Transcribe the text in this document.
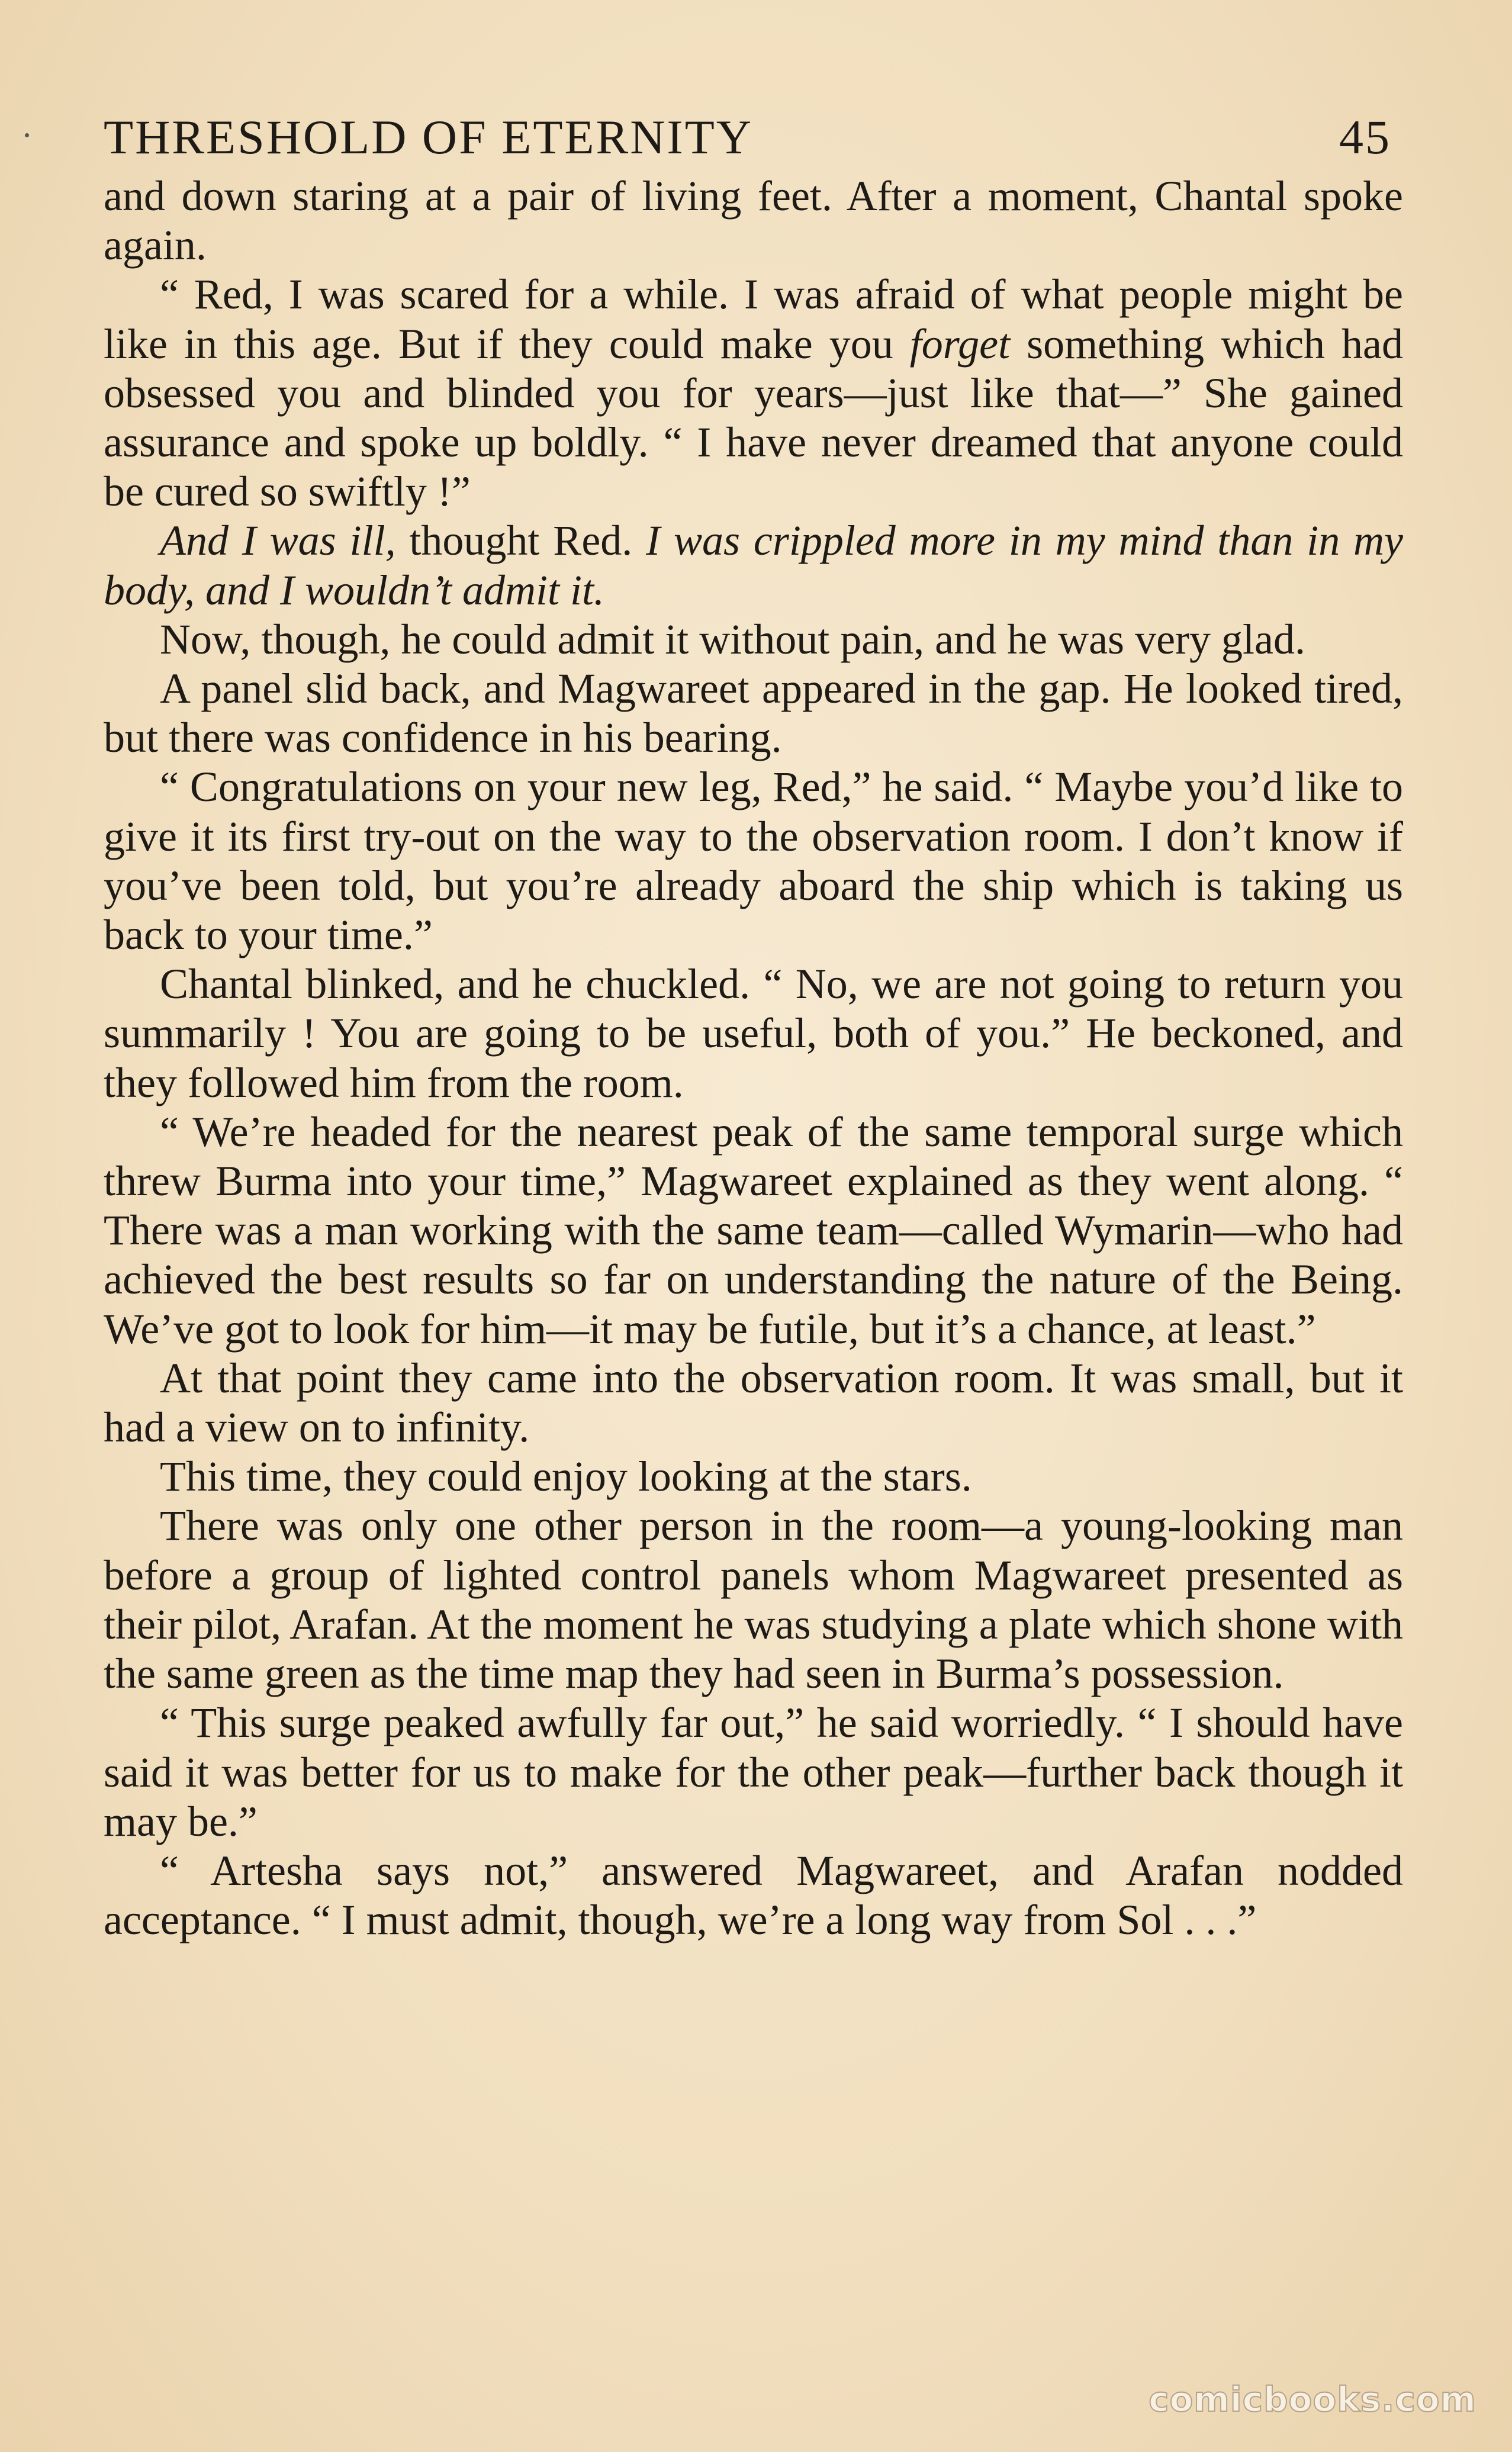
THRESHOLD OF ETERNITY	45

and down staring at a pair of living feet. After a moment, Chantal spoke again.

“ Red, I was scared for a while. I was afraid of what people might be like in this age. But if they could make you forget something which had obsessed you and blinded you for years—just like that—” She gained assurance and spoke up boldly. “ I have never dreamed that anyone could be cured so swiftly !”

And I was ill, thought Red. I was crippled more in my mind than in my body, and I wouldn’t admit it.

Now, though, he could admit it without pain, and he was very glad.

A panel slid back, and Magwareet appeared in the gap. He looked tired, but there was confidence in his bearing.

“ Congratulations on your new leg, Red,” he said. “ Maybe you’d like to give it its first try-out on the way to the observation room. I don’t know if you’ve been told, but you’re already aboard the ship which is taking us back to your time.”

Chantal blinked, and he chuckled. “ No, we are not going to return you summarily ! You are going to be useful, both of you.” He beckoned, and they followed him from the room.

“ We’re headed for the nearest peak of the same temporal surge which threw Burma into your time,” Magwareet explained as they went along. “ There was a man working with the same team—called Wymarin—who had achieved the best results so far on understanding the nature of the Being. We’ve got to look for him—it may be futile, but it’s a chance, at least.”

At that point they came into the observation room. It was small, but it had a view on to infinity.

This time, they could enjoy looking at the stars.

There was only one other person in the room—a young-looking man before a group of lighted control panels whom Magwareet presented as their pilot, Arafan. At the moment he was studying a plate which shone with the same green as the time map they had seen in Burma’s possession.

“ This surge peaked awfully far out,” he said worriedly. “ I should have said it was better for us to make for the other peak—further back though it may be.”

“ Artesha says not,” answered Magwareet, and Arafan nodded acceptance. “ I must admit, though, we’re a long way from Sol . . .”

comicbooks.com
